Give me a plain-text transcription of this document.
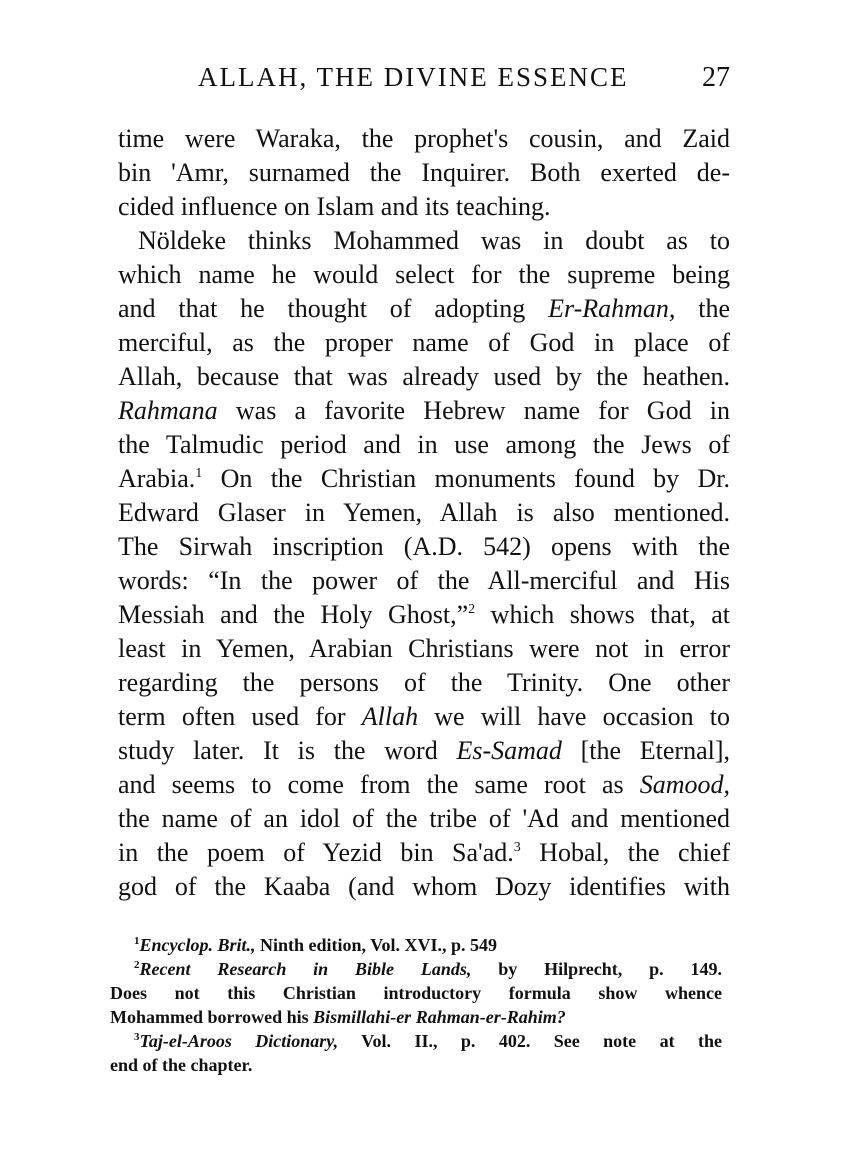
ALLAH, THE DIVINE ESSENCE	27
time were Waraka, the prophet's cousin, and Zaid
bin 'Amr, surnamed the Inquirer. Both exerted de-
cided influence on Islam and its teaching.
Nöldeke thinks Mohammed was in doubt as to
which name he would select for the supreme being
and that he thought of adopting Er-Rahman, the
merciful, as the proper name of God in place of
Allah, because that was already used by the heathen.
Rahmana was a favorite Hebrew name for God in
the Talmudic period and in use among the Jews of
Arabia.$^1$ On the Christian monuments found by Dr.
Edward Glaser in Yemen, Allah is also mentioned.
The Sirwah inscription (A.D. 542) opens with the
words: “In the power of the All-merciful and His
Messiah and the Holy Ghost,”$^2$ which shows that, at
least in Yemen, Arabian Christians were not in error
regarding the persons of the Trinity. One other
term often used for Allah we will have occasion to
study later. It is the word Es-Samad [the Eternal],
and seems to come from the same root as Samood,
the name of an idol of the tribe of 'Ad and mentioned
in the poem of Yezid bin Sa'ad.$^3$ Hobal, the chief
god of the Kaaba (and whom Dozy identifies with
$^1$Encyclop. Brit., Ninth edition, Vol. XVI., p. 549
$^2$Recent Research in Bible Lands, by Hilprecht, p. 149.
Does not this Christian introductory formula show whence
Mohammed borrowed his Bismillahi-er Rahman-er-Rahim?
$^3$Taj-el-Aroos Dictionary, Vol. II., p. 402. See note at the
end of the chapter.
